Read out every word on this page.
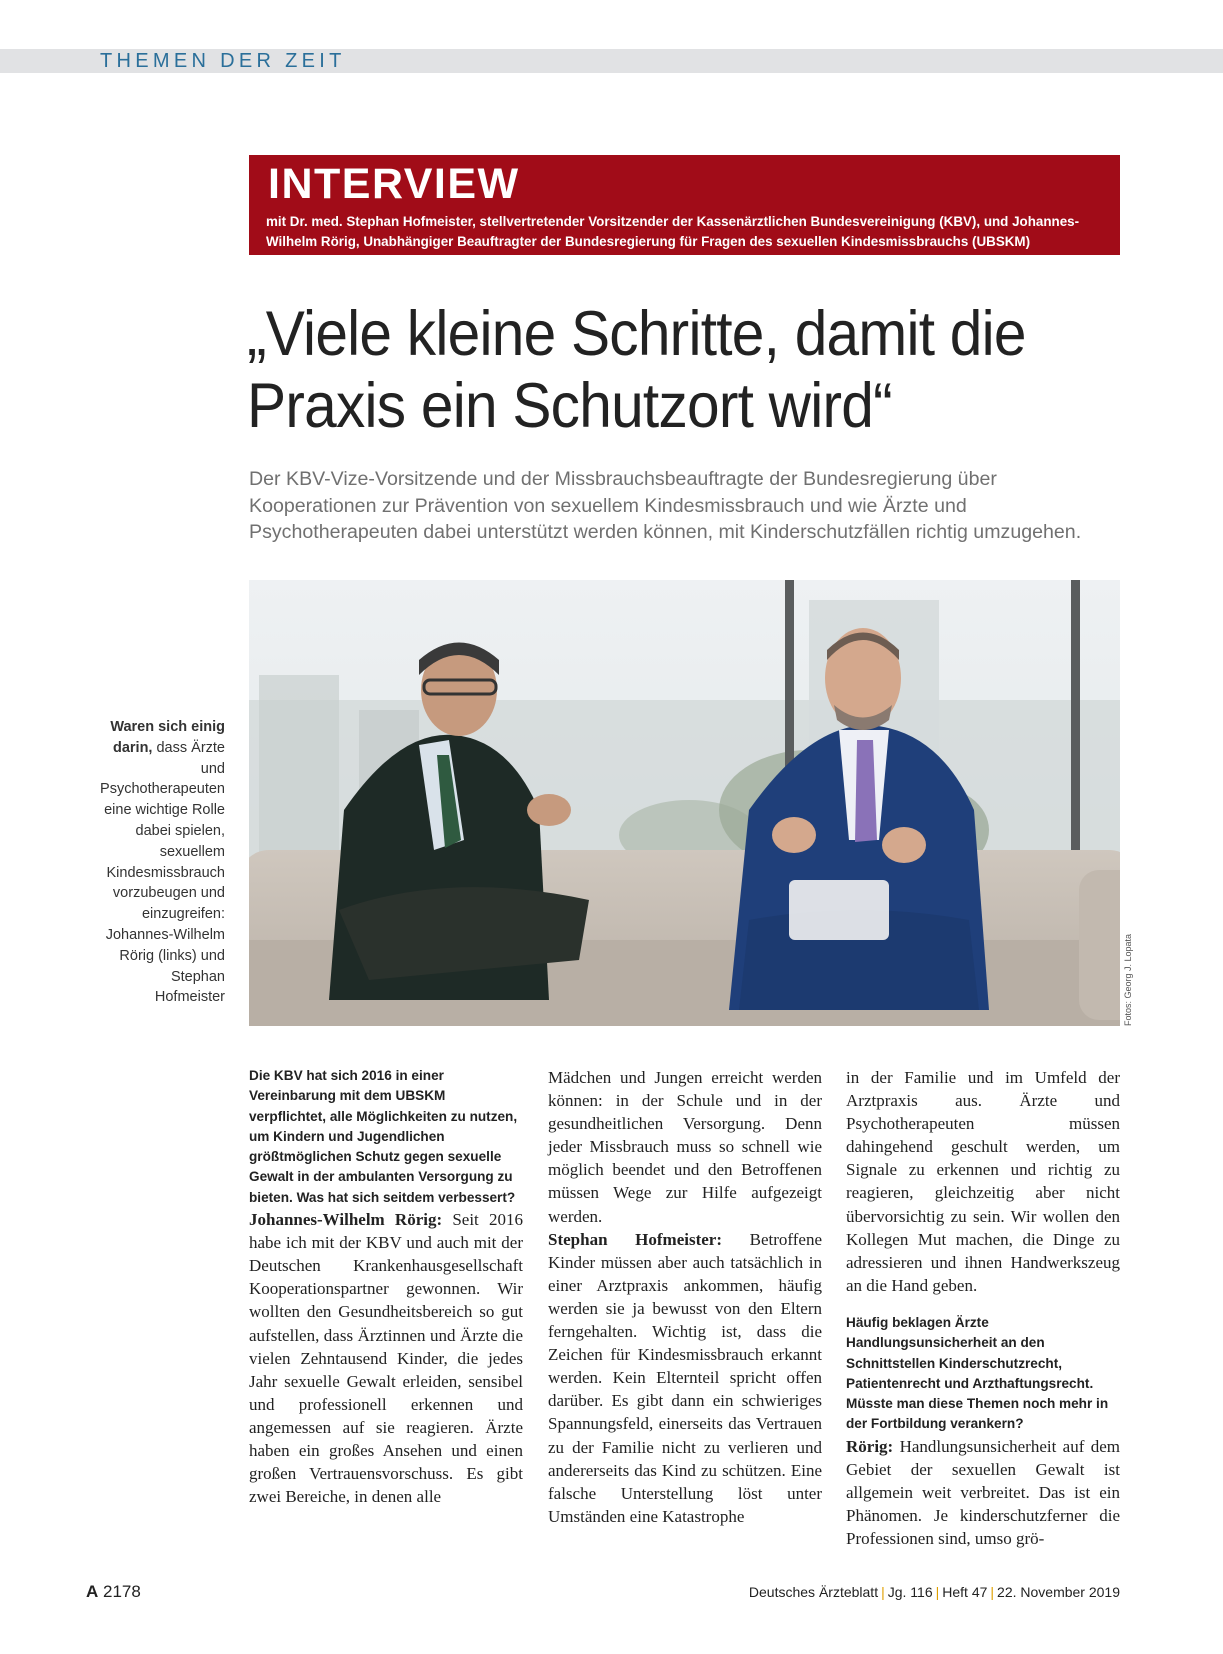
THEMEN DER ZEIT
INTERVIEW
mit Dr. med. Stephan Hofmeister, stellvertretender Vorsitzender der Kassenärztlichen Bundesvereinigung (KBV), und Johannes-Wilhelm Rörig, Unabhängiger Beauftragter der Bundesregierung für Fragen des sexuellen Kindesmissbrauchs (UBSKM)
„Viele kleine Schritte, damit die Praxis ein Schutzort wird“
Der KBV-Vize-Vorsitzende und der Missbrauchsbeauftragte der Bundesregierung über Kooperationen zur Prävention von sexuellem Kindesmissbrauch und wie Ärzte und Psychotherapeuten dabei unterstützt werden können, mit Kinderschutzfällen richtig umzugehen.
Waren sich einig darin, dass Ärzte und Psychotherapeuten eine wichtige Rolle dabei spielen, sexuellem Kindesmissbrauch vorzubeugen und einzugreifen: Johannes-Wilhelm Rörig (links) und Stephan Hofmeister	Fotos: Georg J. Lopata

Die KBV hat sich 2016 in einer Vereinbarung mit dem UBSKM verpflichtet, alle Möglichkeiten zu nutzen, um Kindern und Jugendlichen größtmöglichen Schutz gegen sexuelle Gewalt in der ambulanten Versorgung zu bieten. Was hat sich seitdem verbessert?

Johannes-Wilhelm Rörig: Seit 2016 habe ich mit der KBV und auch mit der Deutschen Krankenhausgesellschaft Kooperationspartner gewonnen. Wir wollten den Gesundheitsbereich so gut aufstellen, dass Ärztinnen und Ärzte die vielen Zehntausend Kinder, die jedes Jahr sexuelle Gewalt erleiden, sensibel und professionell erkennen und angemessen auf sie reagieren. Ärzte haben ein großes Ansehen und einen großen Vertrauensvorschuss. Es gibt zwei Bereiche, in denen alle

Mädchen und Jungen erreicht werden können: in der Schule und in der gesundheitlichen Versorgung. Denn jeder Missbrauch muss so schnell wie möglich beendet und den Betroffenen müssen Wege zur Hilfe aufgezeigt werden.

Stephan Hofmeister: Betroffene Kinder müssen aber auch tatsächlich in einer Arztpraxis ankommen, häufig werden sie ja bewusst von den Eltern ferngehalten. Wichtig ist, dass die Zeichen für Kindesmissbrauch erkannt werden. Kein Elternteil spricht offen darüber. Es gibt dann ein schwieriges Spannungsfeld, einerseits das Vertrauen zu der Familie nicht zu verlieren und andererseits das Kind zu schützen. Eine falsche Unterstellung löst unter Umständen eine Katastrophe

in der Familie und im Umfeld der Arztpraxis aus. Ärzte und Psychotherapeuten müssen dahingehend geschult werden, um Signale zu erkennen und richtig zu reagieren, gleichzeitig aber nicht übervorsichtig zu sein. Wir wollen den Kollegen Mut machen, die Dinge zu adressieren und ihnen Handwerkszeug an die Hand geben.

Häufig beklagen Ärzte Handlungsunsicherheit an den Schnittstellen Kinderschutzrecht, Patientenrecht und Arzthaftungsrecht. Müsste man diese Themen noch mehr in der Fortbildung verankern?

Rörig: Handlungsunsicherheit auf dem Gebiet der sexuellen Gewalt ist allgemein weit verbreitet. Das ist ein Phänomen. Je kinderschutzferner die Professionen sind, umso grö-

A 2178	Deutsches Ärzteblatt | Jg. 116 | Heft 47 | 22. November 2019
